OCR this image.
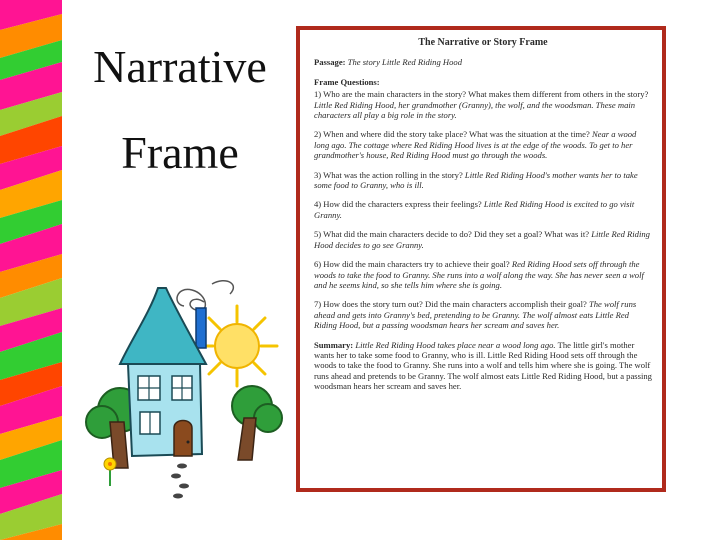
Narrative
Frame
The Narrative or Story Frame
Passage: The story Little Red Riding Hood
Frame Questions:
1) Who are the main characters in the story? What makes them different from others in the story? Little Red Riding Hood, her grandmother (Granny), the wolf, and the woodsman. These main characters all play a big role in the story.
2) When and where did the story take place? What was the situation at the time? Near a wood long ago. The cottage where Red Riding Hood lives is at the edge of the woods. To get to her grandmother's house, Red Riding Hood must go through the woods.
3) What was the action rolling in the story? Little Red Riding Hood's mother wants her to take some food to Granny, who is ill.
4) How did the characters express their feelings? Little Red Riding Hood is excited to go visit Granny.
5) What did the main characters decide to do? Did they set a goal? What was it? Little Red Riding Hood decides to go see Granny.
6) How did the main characters try to achieve their goal? Red Riding Hood sets off through the woods to take the food to Granny. She runs into a wolf along the way. She has never seen a wolf and he seems kind, so she tells him where she is going.
7) How does the story turn out? Did the main characters accomplish their goal? The wolf runs ahead and gets into Granny's bed, pretending to be Granny. The wolf almost eats Little Red Riding Hood, but a passing woodsman hears her scream and saves her.
Summary: Little Red Riding Hood takes place near a wood long ago. The little girl's mother wants her to take some food to Granny, who is ill. Little Red Riding Hood sets off through the woods to take the food to Granny. She runs into a wolf and tells him where she is going. The wolf runs ahead and pretends to be Granny. The wolf almost eats Little Red Riding Hood, but a passing woodsman hears her scream and saves her.
